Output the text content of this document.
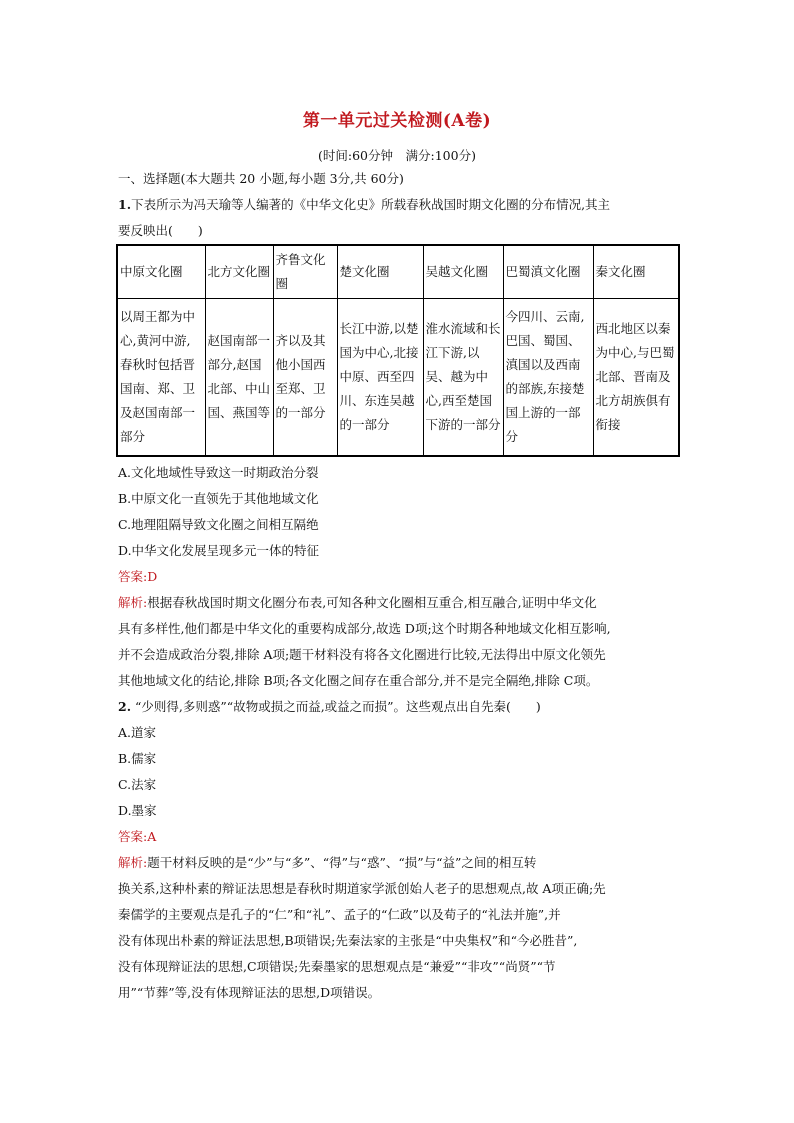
第一单元过关检测(A卷)
(时间:60分钟　满分:100分)
一、选择题(本大题共 20 小题,每小题 3分,共 60分)
1.下表所示为冯天瑜等人编著的《中华文化史》所载春秋战国时期文化圈的分布情况,其主
要反映出(　　)
中原文化圈	北方文化圈	齐鲁文化圈	楚文化圈	吴越文化圈	巴蜀滇文化圈	秦文化圈
以周王都为中心,黄河中游,春秋时包括晋国南、郑、卫及赵国南部一部分	赵国南部一部分,赵国北部、中山国、燕国等	齐以及其他小国西至郑、卫的一部分	长江中游,以楚国为中心,北接中原、西至四川、东连吴越的一部分	淮水流域和长江下游,以吴、越为中心,西至楚国下游的一部分	今四川、云南,巴国、蜀国、滇国以及西南的部族,东接楚国上游的一部分	西北地区以秦为中心,与巴蜀北部、晋南及北方胡族俱有衔接
A.文化地域性导致这一时期政治分裂
B.中原文化一直领先于其他地域文化
C.地理阻隔导致文化圈之间相互隔绝
D.中华文化发展呈现多元一体的特征
答案:D
解析:根据春秋战国时期文化圈分布表,可知各种文化圈相互重合,相互融合,证明中华文化
具有多样性,他们都是中华文化的重要构成部分,故选 D项;这个时期各种地域文化相互影响,
并不会造成政治分裂,排除 A项;题干材料没有将各文化圈进行比较,无法得出中原文化领先
其他地域文化的结论,排除 B项;各文化圈之间存在重合部分,并不是完全隔绝,排除 C项。
2. “少则得,多则惑”“故物或损之而益,或益之而损”。这些观点出自先秦(　　)
A.道家
B.儒家
C.法家
D.墨家
答案:A
解析:题干材料反映的是“少”与“多”、“得”与“惑”、“损”与“益”之间的相互转
换关系,这种朴素的辩证法思想是春秋时期道家学派创始人老子的思想观点,故 A项正确;先
秦儒学的主要观点是孔子的“仁”和“礼”、孟子的“仁政”以及荀子的“礼法并施”,并
没有体现出朴素的辩证法思想,B项错误;先秦法家的主张是“中央集权”和“今必胜昔”,
没有体现辩证法的思想,C项错误;先秦墨家的思想观点是“兼爱”“非攻”“尚贤”“节
用”“节葬”等,没有体现辩证法的思想,D项错误。
